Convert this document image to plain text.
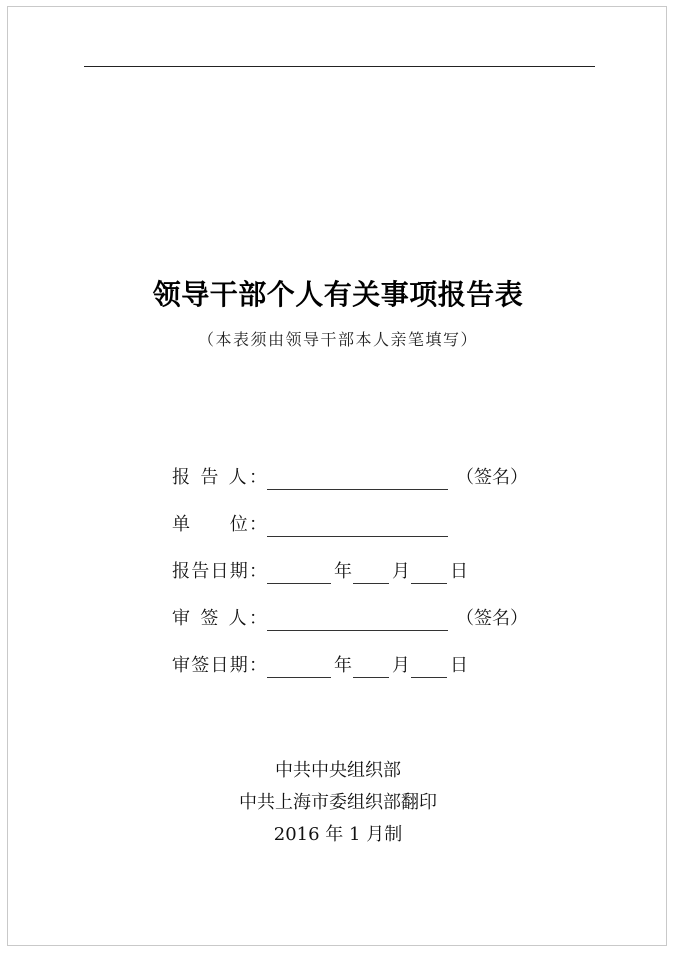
领导干部个人有关事项报告表
（本表须由领导干部本人亲笔填写）
报 告 人：	（签名）
单　　位：
报告日期：	年 月 日
审 签 人：	（签名）
审签日期：	年 月 日
中共中央组织部
中共上海市委组织部翻印
2016 年 1 月制
